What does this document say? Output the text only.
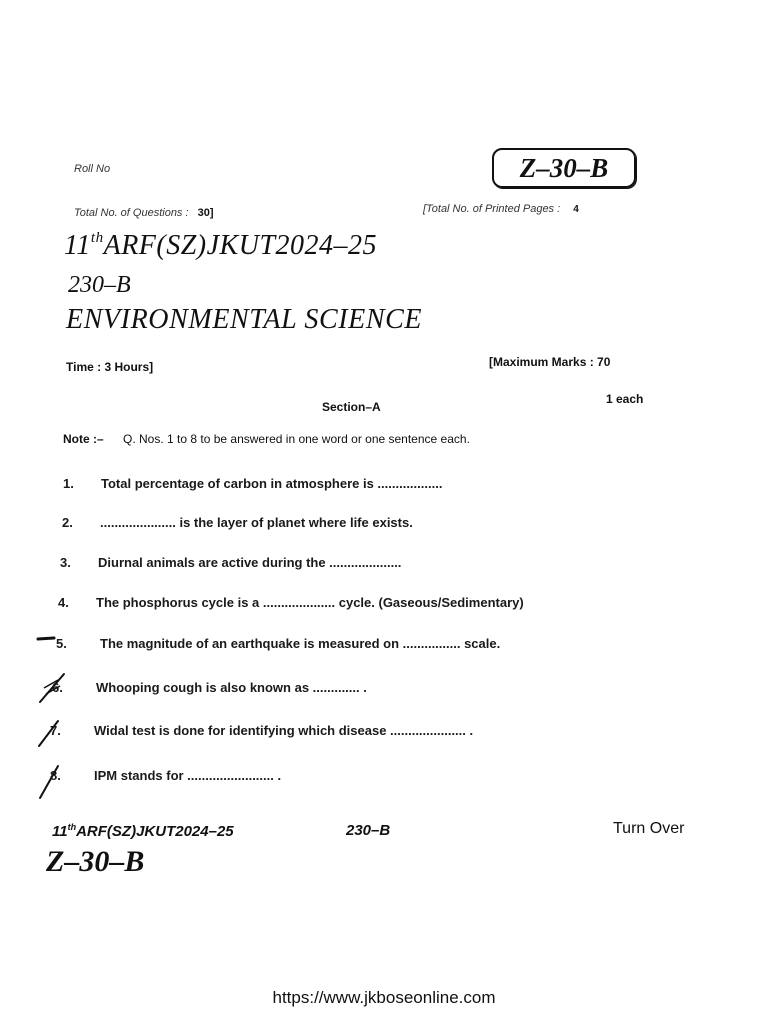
Roll No
Total No. of Questions : 30]	[Total No. of Printed Pages : 4
Z–30–B
11thARF(SZ)JKUT2024–25
230–B
ENVIRONMENTAL SCIENCE
Time : 3 Hours]	[Maximum Marks : 70
Section–A
1 each
Note :– Q. Nos. 1 to 8 to be answered in one word or one sentence each.
1. Total percentage of carbon in atmosphere is ..................
2. ..................... is the layer of planet where life exists.
3. Diurnal animals are active during the ....................
4. The phosphorus cycle is a .................... cycle. (Gaseous/Sedimentary)
5.	The magnitude of an earthquake is measured on ................ scale.
6.	Whooping cough is also known as ............. .
7.	Widal test is done for identifying which disease ..................... .
8.	IPM stands for ........................ .
11thARF(SZ)JKUT2024–25	230–B	Turn Over
Z–30–B
https://www.jkboseonline.com
